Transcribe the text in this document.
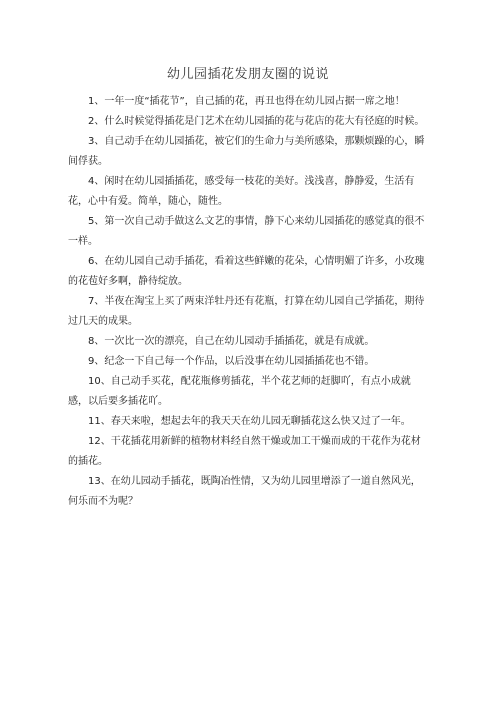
幼儿园插花发朋友圈的说说

1、一年一度“插花节”，自己插的花，再丑也得在幼儿园占据一席之地！

2、什么时候觉得插花是门艺术在幼儿园插的花与花店的花大有径庭的时候。

3、自己动手在幼儿园插花，被它们的生命力与美所感染，那颗烦躁的心，瞬间俘获。

4、闲时在幼儿园插插花，感受每一枝花的美好。浅浅喜，静静爱，生活有花，心中有爱。简单，随心，随性。

5、第一次自己动手做这么文艺的事情，静下心来幼儿园插花的感觉真的很不一样。

6、在幼儿园自己动手插花，看着这些鲜嫩的花朵，心情明媚了许多，小玫瑰的花苞好多啊，静待绽放。

7、半夜在淘宝上买了两束洋牡丹还有花瓶，打算在幼儿园自己学插花，期待过几天的成果。

8、一次比一次的漂亮，自己在幼儿园动手插插花，就是有成就。

9、纪念一下自己每一个作品，以后没事在幼儿园插插花也不错。

10、自己动手买花，配花瓶修剪插花，半个花艺师的赶脚吖，有点小成就感，以后要多插花吖。

11、春天来啦，想起去年的我天天在幼儿园无聊插花这么快又过了一年。

12、干花插花用新鲜的植物材料经自然干燥或加工干燥而成的干花作为花材的插花。

13、在幼儿园动手插花，既陶冶性情，又为幼儿园里增添了一道自然风光，何乐而不为呢？
